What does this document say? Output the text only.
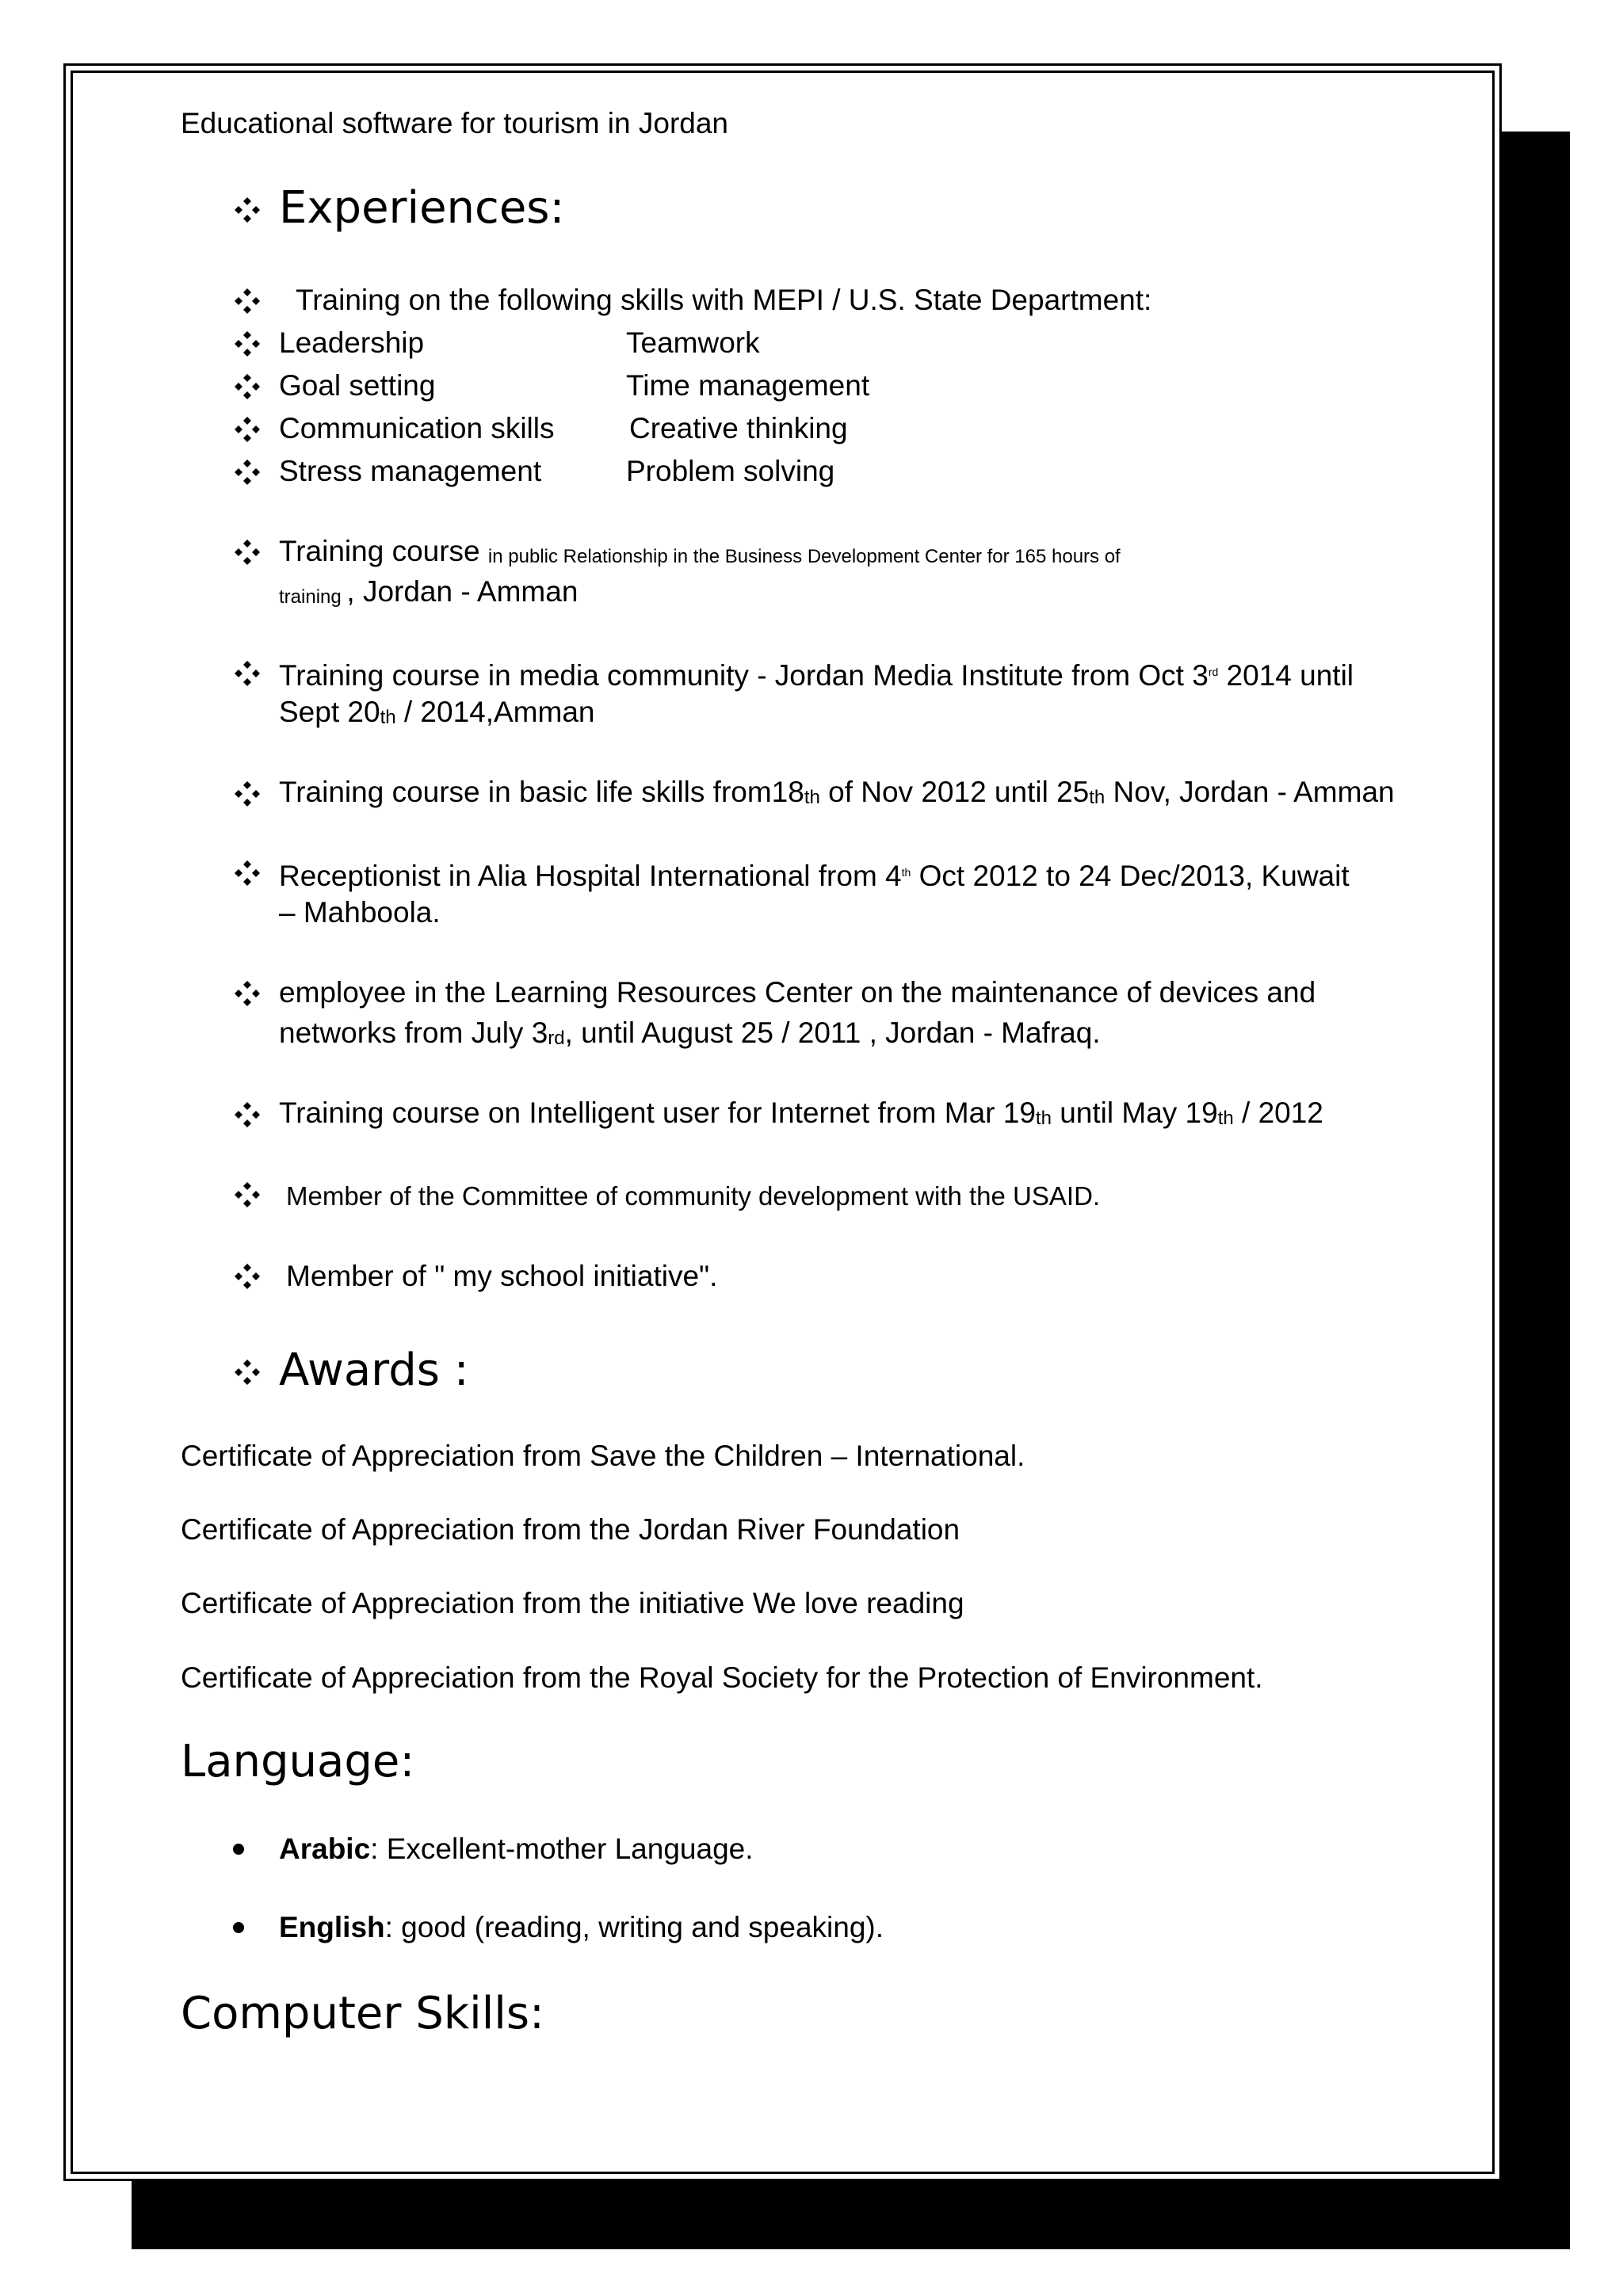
Educational software for tourism in Jordan
Experiences:
Training on the following skills with MEPI / U.S. State Department:
Leadership	Teamwork
Goal setting	Time management
Communication skills	Creative thinking
Stress management	Problem solving
Training course in public Relationship in the Business Development Center for 165 hours of
training , Jordan - Amman
Training course in media community - Jordan Media Institute from Oct 3rd 2014 until
Sept 20th / 2014,Amman
Training course in basic life skills from18th of Nov 2012 until 25th Nov, Jordan - Amman
Receptionist in Alia Hospital International from 4th Oct 2012 to 24 Dec/2013, Kuwait
– Mahboola.
employee in the Learning Resources Center on the maintenance of devices and
networks from July 3rd, until August 25 / 2011 , Jordan - Mafraq.
Training course on Intelligent user for Internet from Mar 19th until May 19th / 2012
Member of the Committee of community development with the USAID.
Member of " my school initiative".
Awards :
Certificate of Appreciation from Save the Children – International.
Certificate of Appreciation from the Jordan River Foundation
Certificate of Appreciation from the initiative We love reading
Certificate of Appreciation from the Royal Society for the Protection of Environment.
Language:
Arabic: Excellent-mother Language.
English: good (reading, writing and speaking).
Computer Skills:
